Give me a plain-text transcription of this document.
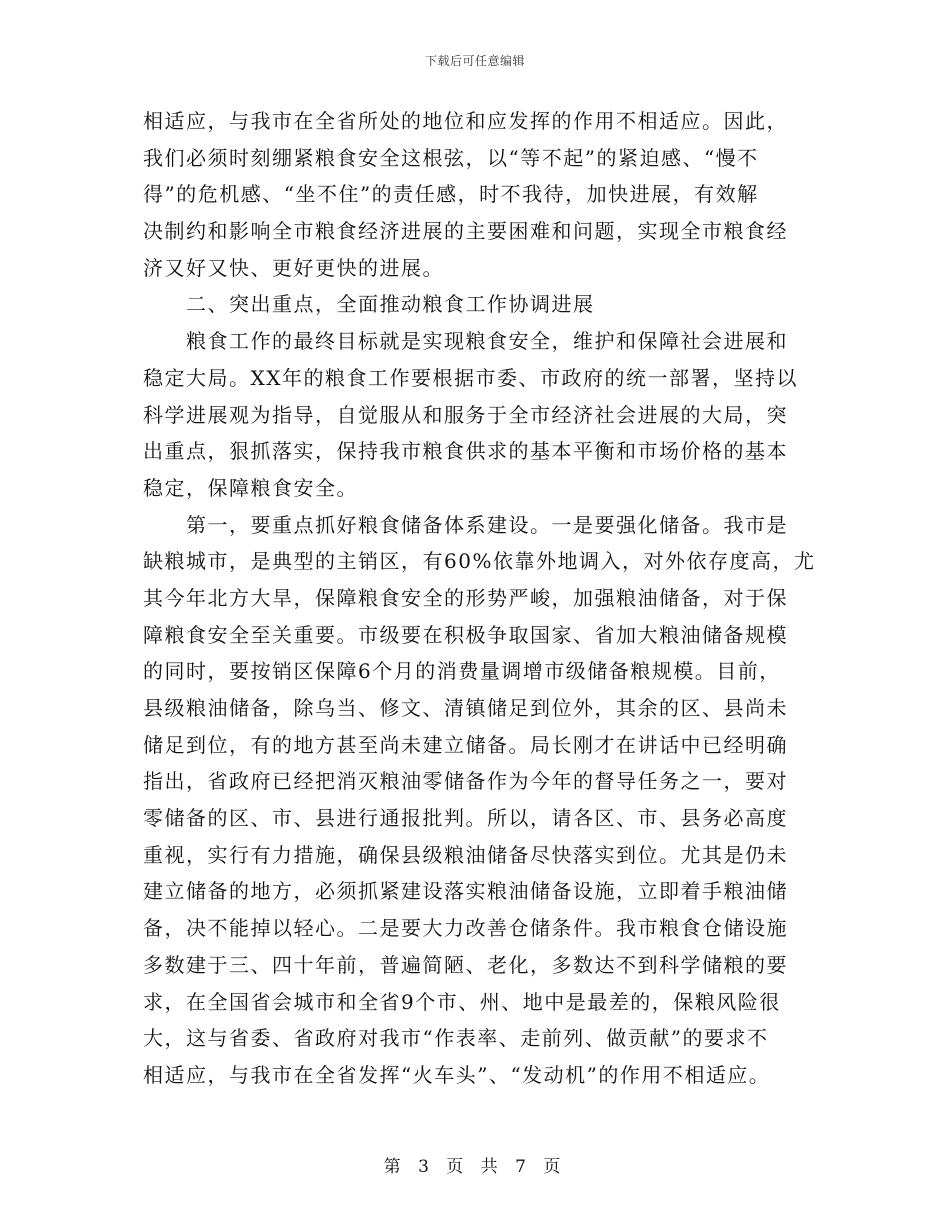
下载后可任意编辑
相适应，与我市在全省所处的地位和应发挥的作用不相适应。因此，
我们必须时刻绷紧粮食安全这根弦，以“等不起”的紧迫感、“慢不
得”的危机感、“坐不住”的责任感，时不我待，加快进展，有效解
决制约和影响全市粮食经济进展的主要困难和问题，实现全市粮食经
济又好又快、更好更快的进展。
二、突出重点，全面推动粮食工作协调进展
粮食工作的最终目标就是实现粮食安全，维护和保障社会进展和
稳定大局。XX年的粮食工作要根据市委、市政府的统一部署，坚持以
科学进展观为指导，自觉服从和服务于全市经济社会进展的大局，突
出重点，狠抓落实，保持我市粮食供求的基本平衡和市场价格的基本
稳定，保障粮食安全。
第一，要重点抓好粮食储备体系建设。一是要强化储备。我市是
缺粮城市，是典型的主销区，有60%依靠外地调入，对外依存度高，尤
其今年北方大旱，保障粮食安全的形势严峻，加强粮油储备，对于保
障粮食安全至关重要。市级要在积极争取国家、省加大粮油储备规模
的同时，要按销区保障6个月的消费量调增市级储备粮规模。目前，
县级粮油储备，除乌当、修文、清镇储足到位外，其余的区、县尚未
储足到位，有的地方甚至尚未建立储备。局长刚才在讲话中已经明确
指出，省政府已经把消灭粮油零储备作为今年的督导任务之一，要对
零储备的区、市、县进行通报批判。所以，请各区、市、县务必高度
重视，实行有力措施，确保县级粮油储备尽快落实到位。尤其是仍未
建立储备的地方，必须抓紧建设落实粮油储备设施，立即着手粮油储
备，决不能掉以轻心。二是要大力改善仓储条件。我市粮食仓储设施
多数建于三、四十年前，普遍简陋、老化，多数达不到科学储粮的要
求，在全国省会城市和全省9个市、州、地中是最差的，保粮风险很
大，这与省委、省政府对我市“作表率、走前列、做贡献”的要求不
相适应，与我市在全省发挥“火车头”、“发动机”的作用不相适应。
第 3 页 共 7 页
